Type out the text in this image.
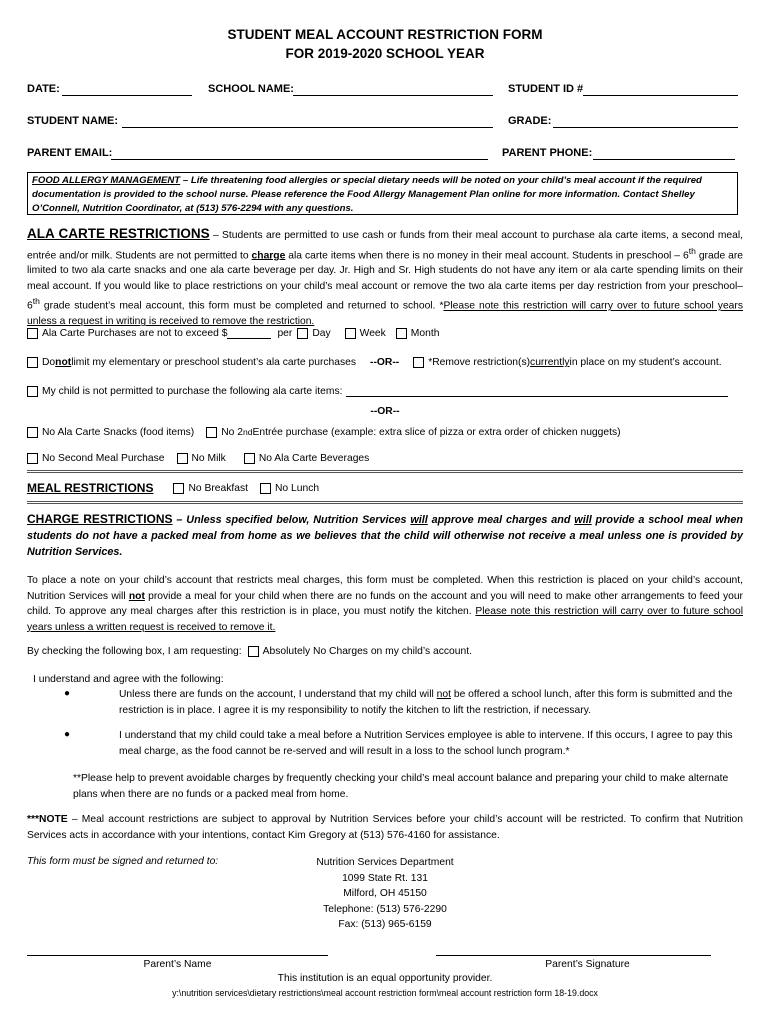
STUDENT MEAL ACCOUNT RESTRICTION FORM
FOR 2019-2020 SCHOOL YEAR
DATE:	SCHOOL NAME:	STUDENT ID #
STUDENT NAME:	GRADE:
PARENT EMAIL:	PARENT PHONE:
FOOD ALLERGY MANAGEMENT – Life threatening food allergies or special dietary needs will be noted on your child’s meal account if the required documentation is provided to the school nurse. Please reference the Food Allergy Management Plan online for more information. Contact Shelley O’Connell, Nutrition Coordinator, at (513) 576-2294 with any questions.
ALA CARTE RESTRICTIONS – Students are permitted to use cash or funds from their meal account to purchase ala carte items, a second meal, entrée and/or milk. Students are not permitted to charge ala carte items when there is no money in their meal account. Students in preschool – 6th grade are limited to two ala carte snacks and one ala carte beverage per day. Jr. High and Sr. High students do not have any item or ala carte spending limits on their meal account. If you would like to place restrictions on your child’s meal account or remove the two ala carte items per day restriction from your preschool– 6th grade student’s meal account, this form must be completed and returned to school. *Please note this restriction will carry over to future school years unless a request in writing is received to remove the restriction.
Ala Carte Purchases are not to exceed $	per Day	Week Month
Do not limit my elementary or preschool student’s ala carte purchases --OR--	*Remove restriction(s) currently in place on my student’s account.
My child is not permitted to purchase the following ala carte items:
--OR--
No Ala Carte Snacks (food items)	No 2 nd Entrée purchase (example: extra slice of pizza or extra order of chicken nuggets)
No Second Meal Purchase	No Milk	No Ala Carte Beverages
MEAL RESTRICTIONS	No Breakfast	No Lunch
CHARGE RESTRICTIONS – Unless specified below, Nutrition Services will approve meal charges and will provide a school meal when students do not have a packed meal from home as we believes that the child will otherwise not receive a meal unless one is provided by Nutrition Services.
To place a note on your child’s account that restricts meal charges, this form must be completed. When this restriction is placed on your child’s account, Nutrition Services will not provide a meal for your child when there are no funds on the account and you will need to make other arrangements to feed your child. To approve any meal charges after this restriction is in place, you must notify the kitchen. Please note this restriction will carry over to future school years unless a written request is received to remove it.
By checking the following box, I am requesting: Absolutely No Charges on my child’s account.
I understand and agree with the following:
●	Unless there are funds on the account, I understand that my child will not be offered a school lunch, after this form is submitted and the restriction is in place. I agree it is my responsibility to notify the kitchen to lift the restriction, if necessary.
●	I understand that my child could take a meal before a Nutrition Services employee is able to intervene. If this occurs, I agree to pay this meal charge, as the food cannot be re-served and will result in a loss to the school lunch program.*
**Please help to prevent avoidable charges by frequently checking your child’s meal account balance and preparing your child to make alternate plans when there are no funds or a packed meal from home.
***NOTE – Meal account restrictions are subject to approval by Nutrition Services before your child’s account will be restricted. To confirm that Nutrition Services acts in accordance with your intentions, contact Kim Gregory at (513) 576-4160 for assistance.
This form must be signed and returned to:	Nutrition Services Department
1099 State Rt. 131
Milford, OH 45150
Telephone: (513) 576-2290
Fax: (513) 965-6159
Parent’s Name	Parent’s Signature
This institution is an equal opportunity provider.
y:\nutrition services\dietary restrictions\meal account restriction form\meal account restriction form 18-19.docx
